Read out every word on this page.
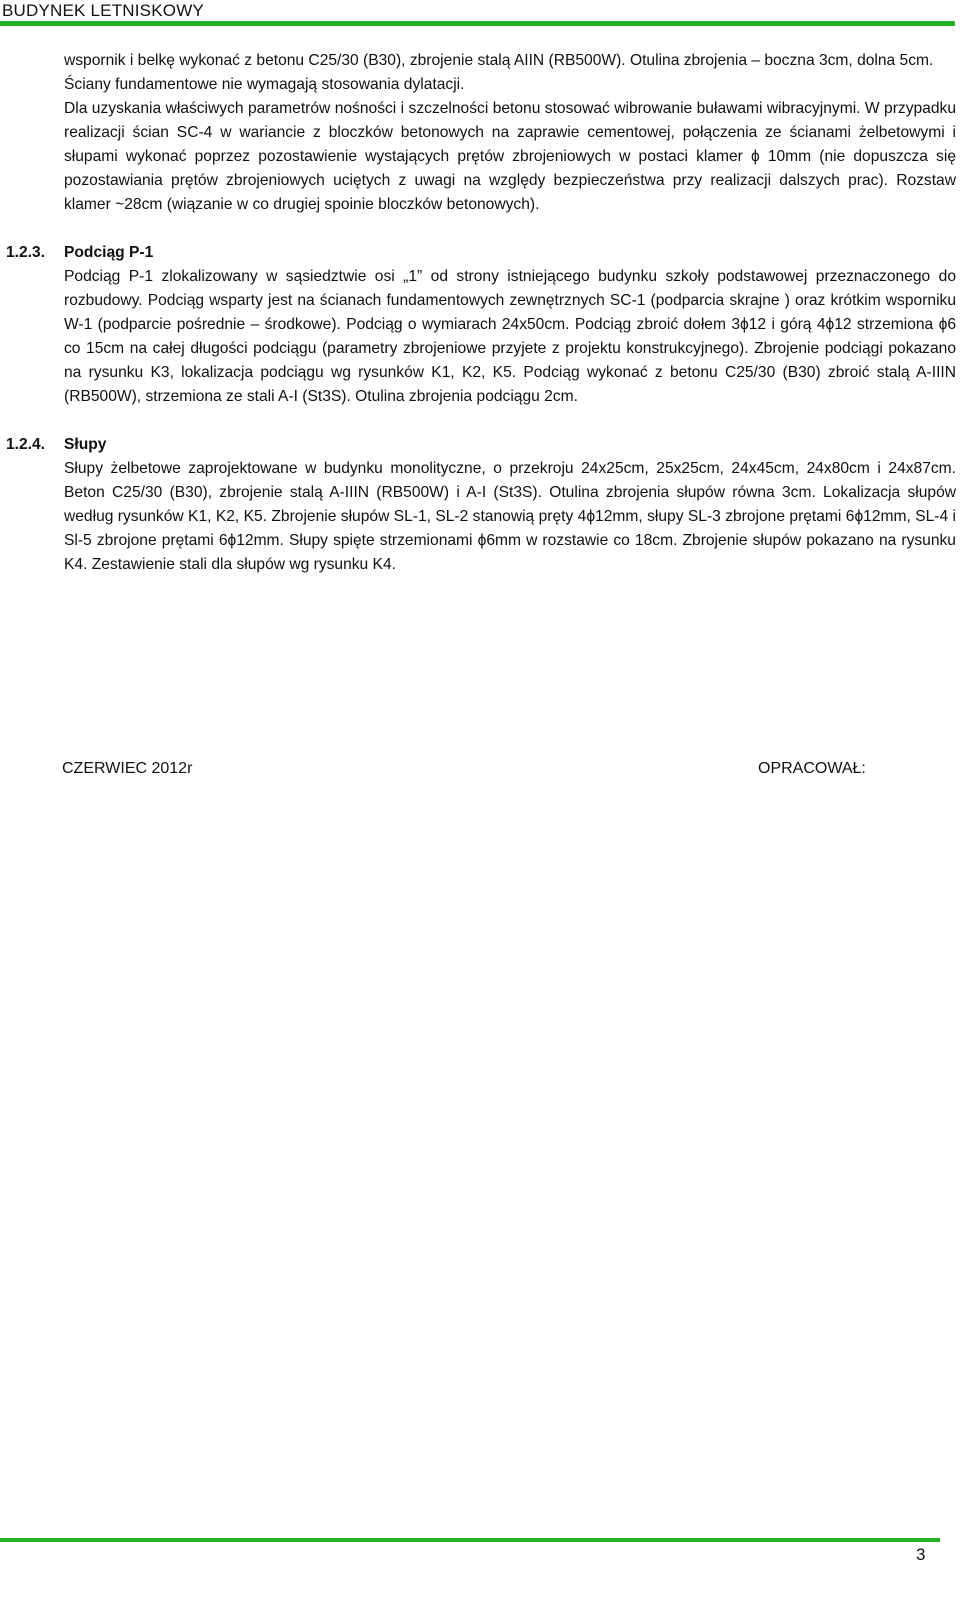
BUDYNEK LETNISKOWY

wspornik i belkę wykonać z betonu C25/30 (B30), zbrojenie stalą AIIN (RB500W). Otulina zbrojenia – boczna 3cm, dolna 5cm.

Ściany fundamentowe nie wymagają stosowania dylatacji.

Dla uzyskania właściwych parametrów nośności i szczelności betonu stosować wibrowanie buławami wibracyjnymi. W przypadku realizacji ścian SC-4 w wariancie z bloczków betonowych na zaprawie cementowej, połączenia ze ścianami żelbetowymi i słupami wykonać poprzez pozostawienie wystających prętów zbrojeniowych w postaci klamer ϕ 10mm (nie dopuszcza się pozostawiania prętów zbrojeniowych uciętych z uwagi na względy bezpieczeństwa przy realizacji dalszych prac). Rozstaw klamer ~28cm (wiązanie w co drugiej spoinie bloczków betonowych).

1.2.3. Podciąg P-1

Podciąg P-1 zlokalizowany w sąsiedztwie osi „1” od strony istniejącego budynku szkoły podstawowej przeznaczonego do rozbudowy. Podciąg wsparty jest na ścianach fundamentowych zewnętrznych SC-1 (podparcia skrajne ) oraz krótkim wsporniku W-1 (podparcie pośrednie – środkowe). Podciąg o wymiarach 24x50cm. Podciąg zbroić dołem 3ϕ12 i górą 4ϕ12 strzemiona ϕ6 co 15cm na całej długości podciągu (parametry zbrojeniowe przyjete z projektu konstrukcyjnego). Zbrojenie podciągi pokazano na rysunku K3, lokalizacja podciągu wg rysunków K1, K2, K5. Podciąg wykonać z betonu C25/30 (B30) zbroić stalą A-IIIN (RB500W), strzemiona ze stali A-I (St3S). Otulina zbrojenia podciągu 2cm.

1.2.4. Słupy

Słupy żelbetowe zaprojektowane w budynku monolityczne, o przekroju 24x25cm, 25x25cm, 24x45cm, 24x80cm i 24x87cm. Beton C25/30 (B30), zbrojenie stalą A-IIIN (RB500W) i A-I (St3S). Otulina zbrojenia słupów równa 3cm. Lokalizacja słupów według rysunków K1, K2, K5. Zbrojenie słupów SL-1, SL-2 stanowią pręty 4ϕ12mm, słupy SL-3 zbrojone prętami 6ϕ12mm, SL-4 i Sl-5 zbrojone prętami 6ϕ12mm. Słupy spięte strzemionami ϕ6mm w rozstawie co 18cm. Zbrojenie słupów pokazano na rysunku K4. Zestawienie stali dla słupów wg rysunku K4.

CZERWIEC 2012r	OPRACOWAŁ:
3
